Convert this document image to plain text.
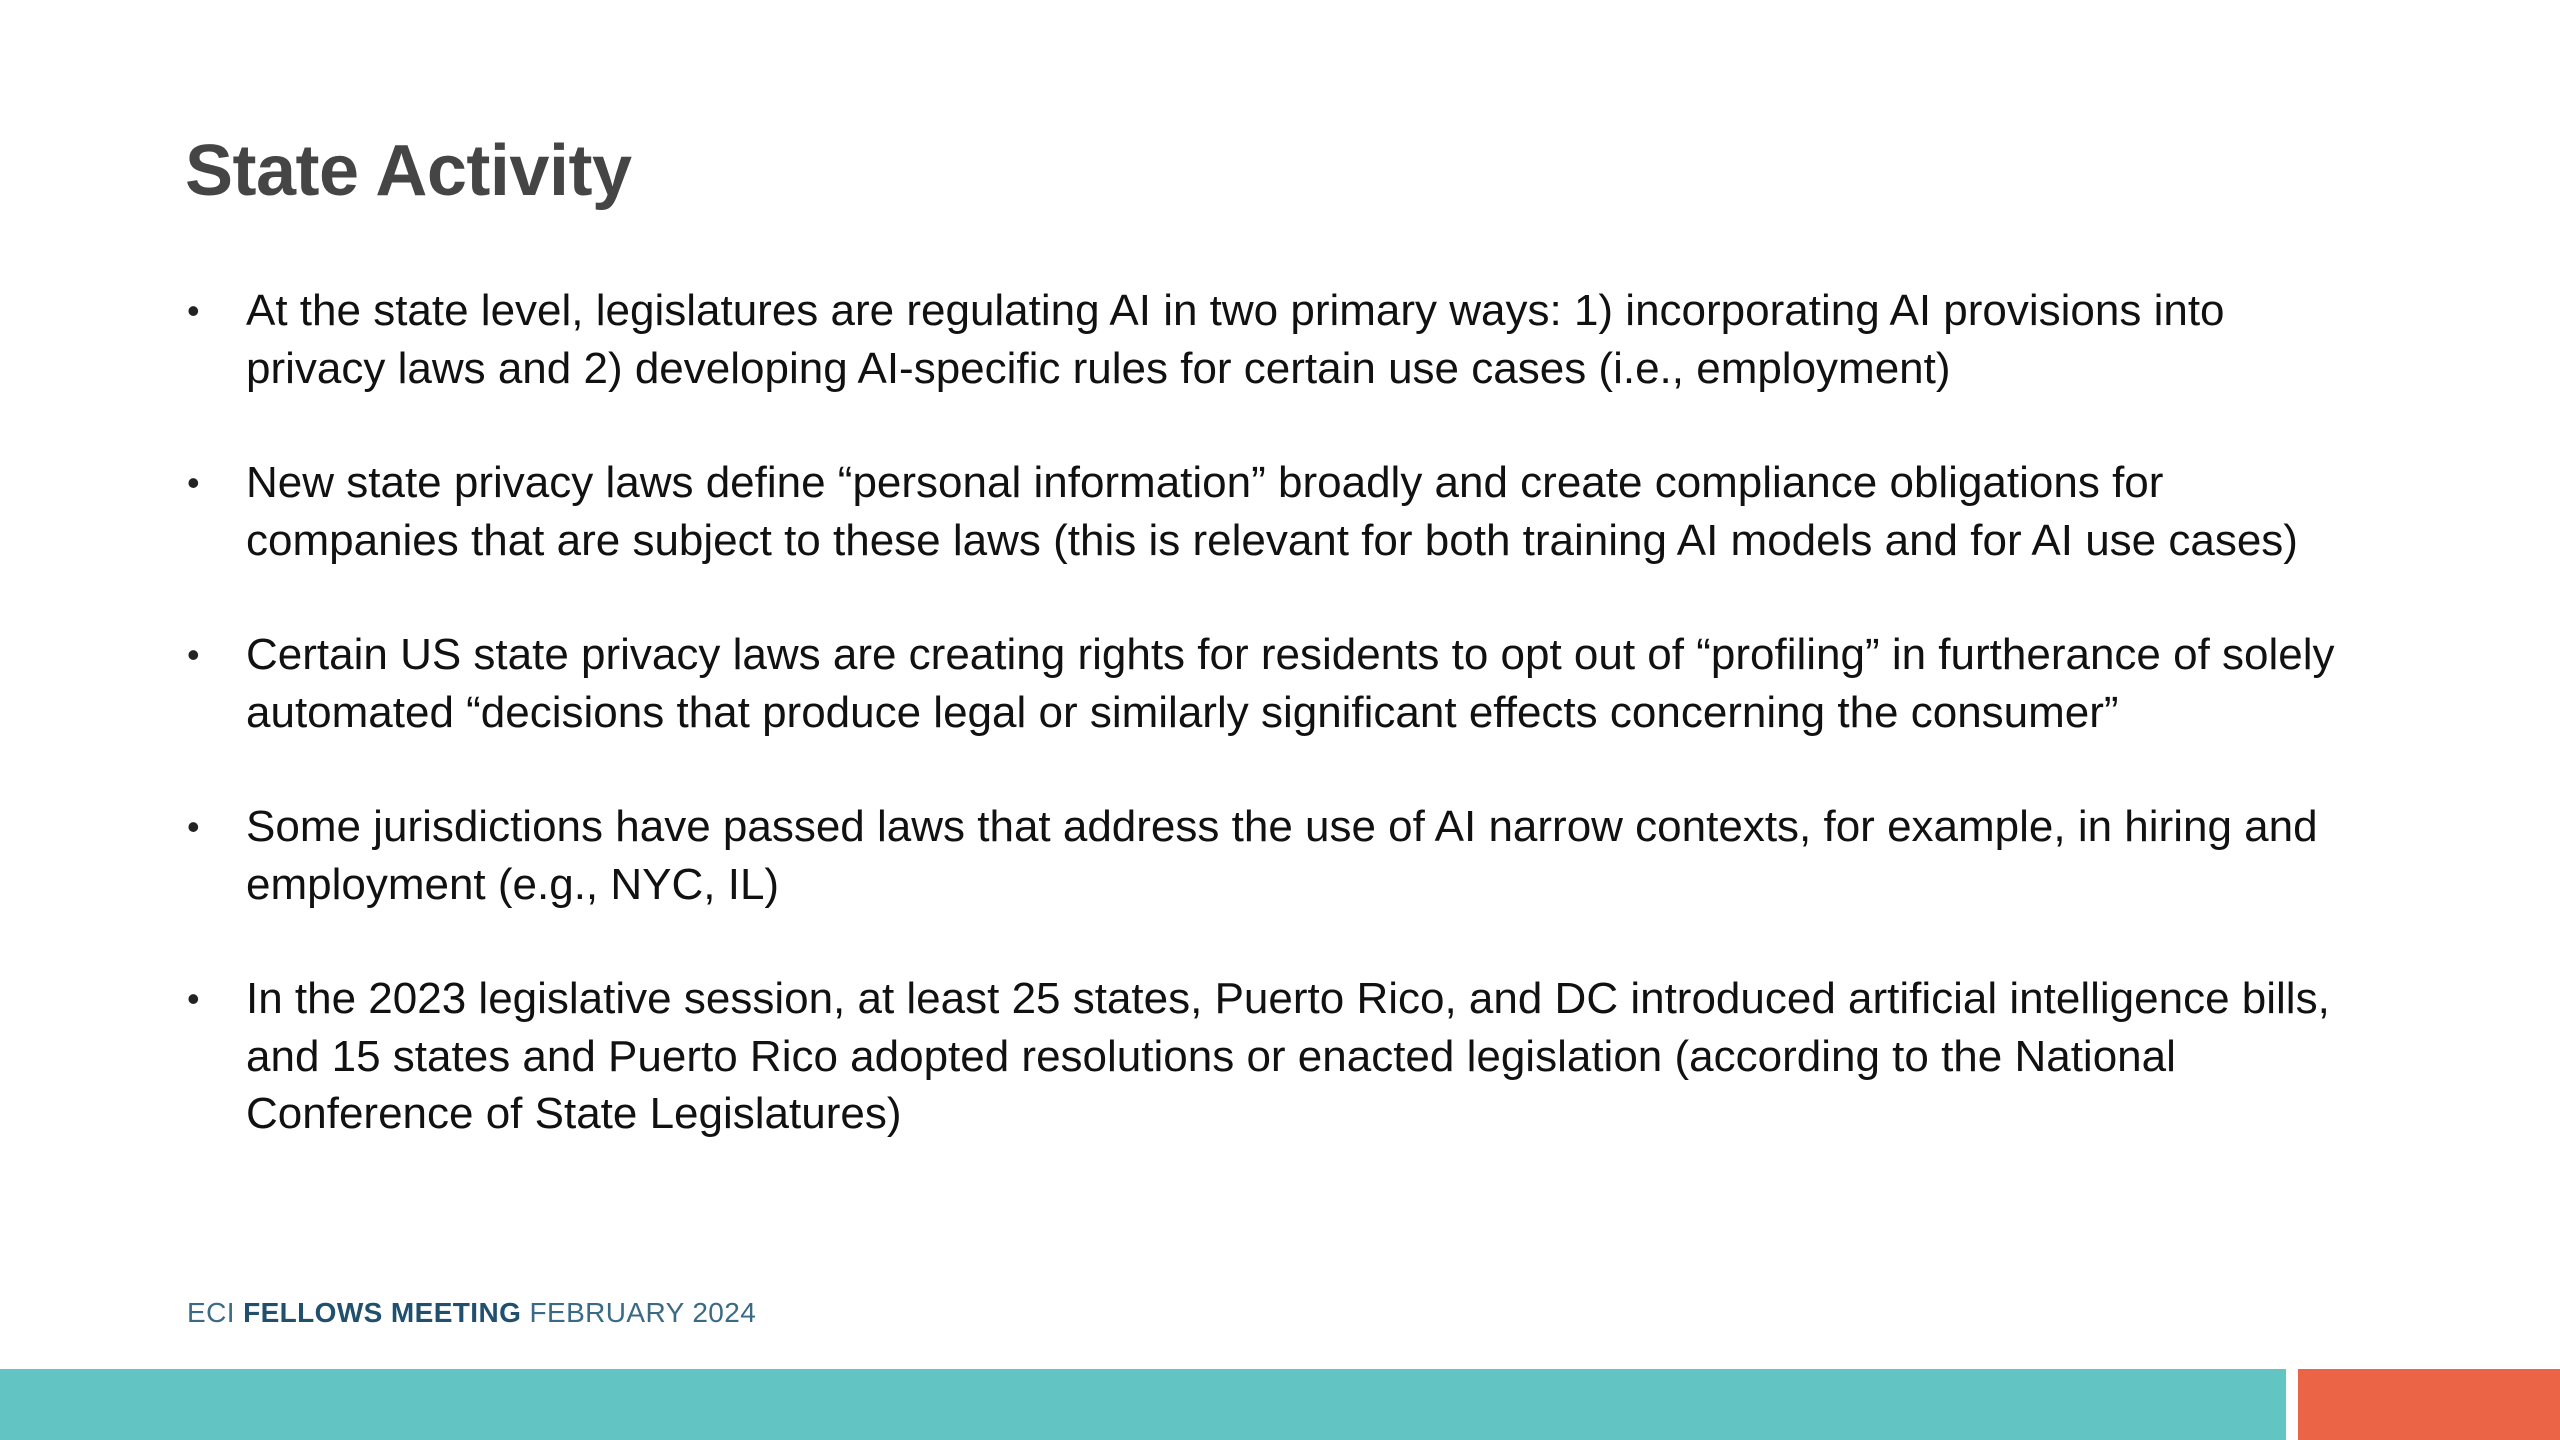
State Activity
• At the state level, legislatures are regulating AI in two primary ways: 1) incorporating AI provisions into privacy laws and 2) developing AI-specific rules for certain use cases (i.e., employment)
• New state privacy laws define “personal information” broadly and create compliance obligations for companies that are subject to these laws (this is relevant for both training AI models and for AI use cases)
• Certain US state privacy laws are creating rights for residents to opt out of “profiling” in furtherance of solely automated “decisions that produce legal or similarly significant effects concerning the consumer”
• Some jurisdictions have passed laws that address the use of AI narrow contexts, for example, in hiring and employment (e.g., NYC, IL)
• In the 2023 legislative session, at least 25 states, Puerto Rico, and DC introduced artificial intelligence bills, and 15 states and Puerto Rico adopted resolutions or enacted legislation (according to the National Conference of State Legislatures)
ECI FELLOWS MEETING FEBRUARY 2024
